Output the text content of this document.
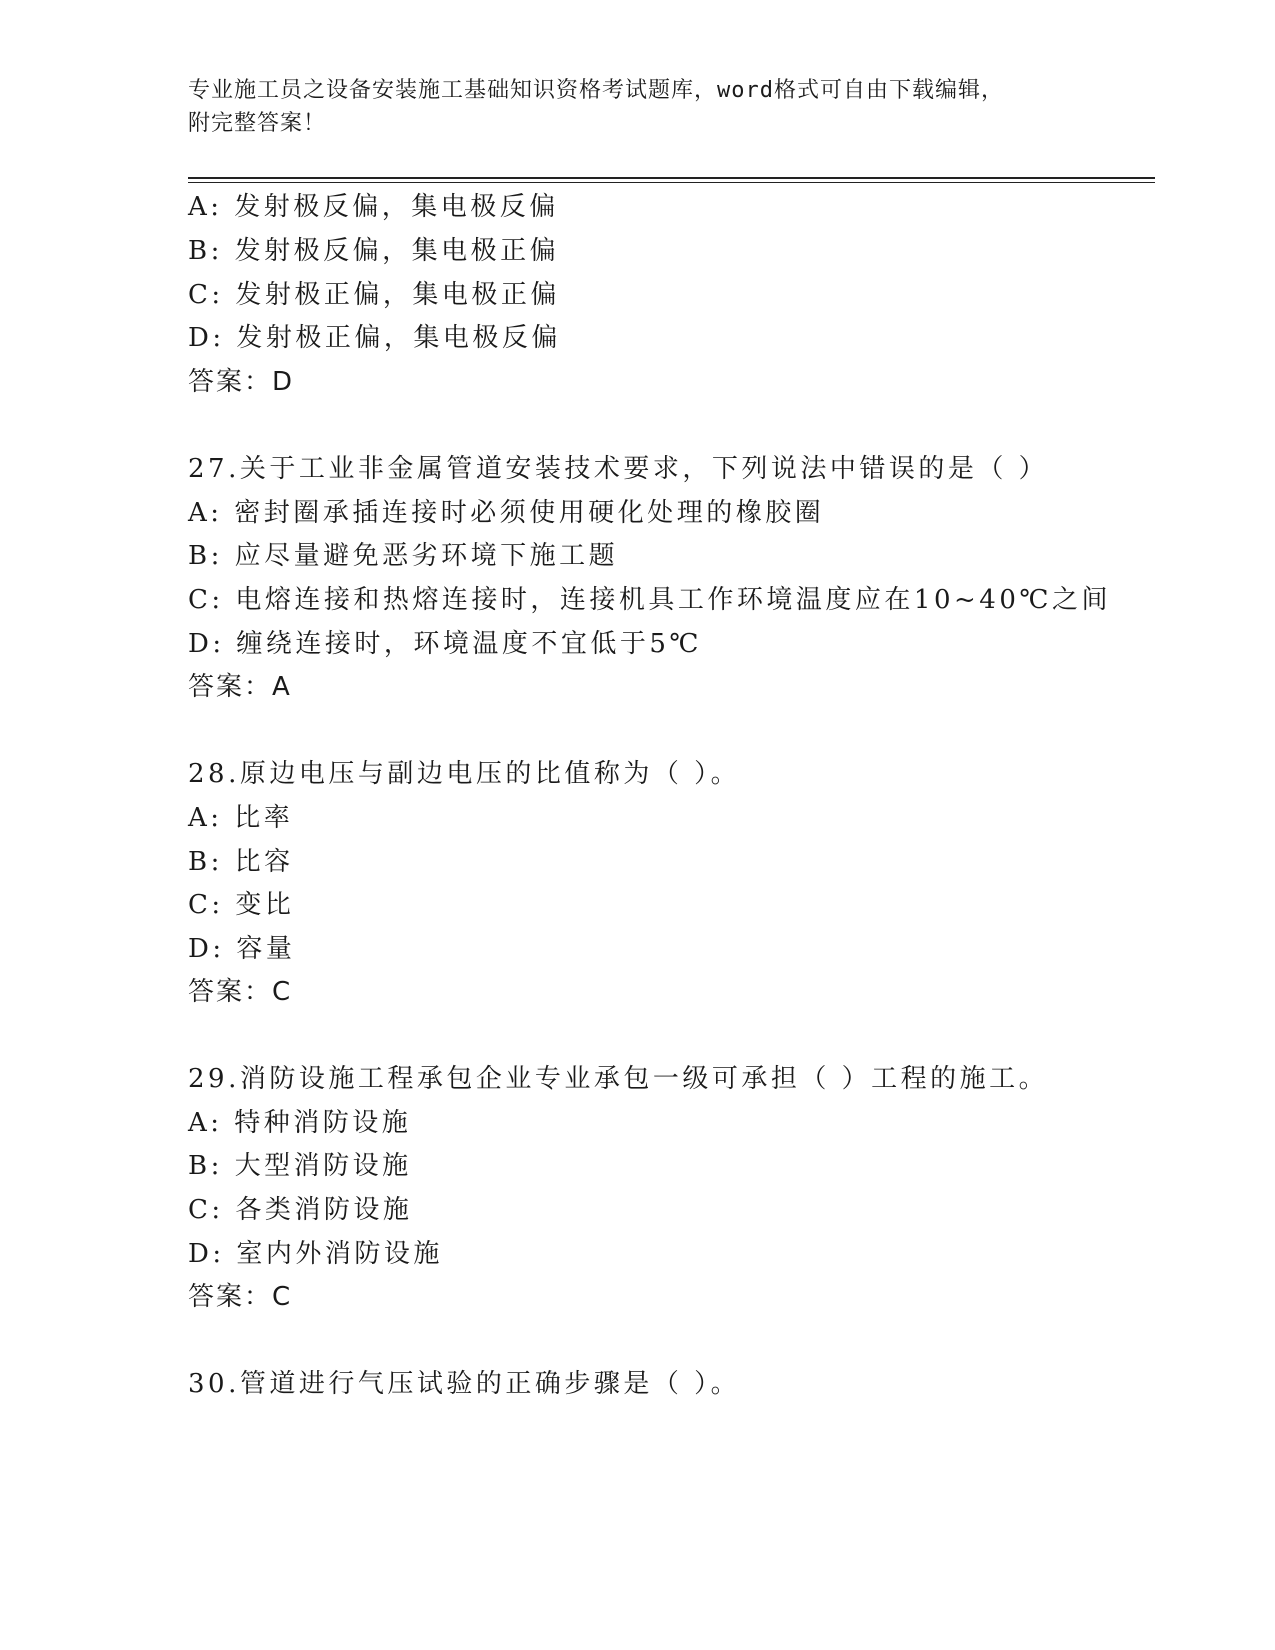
专业施工员之设备安装施工基础知识资格考试题库，word格式可自由下载编辑，
附完整答案！
A: 发射极反偏，集电极反偏
B: 发射极反偏，集电极正偏
C: 发射极正偏，集电极正偏
D: 发射极正偏，集电极反偏
答案：D
27.关于工业非金属管道安装技术要求，下列说法中错误的是（ ）
A: 密封圈承插连接时必须使用硬化处理的橡胶圈
B: 应尽量避免恶劣环境下施工题
C: 电熔连接和热熔连接时，连接机具工作环境温度应在10~40℃之间
D: 缠绕连接时，环境温度不宜低于5℃
答案：A
28.原边电压与副边电压的比值称为（ ）。
A: 比率
B: 比容
C: 变比
D: 容量
答案：C
29.消防设施工程承包企业专业承包一级可承担（ ）工程的施工。
A: 特种消防设施
B: 大型消防设施
C: 各类消防设施
D: 室内外消防设施
答案：C
30.管道进行气压试验的正确步骤是（ ）。
